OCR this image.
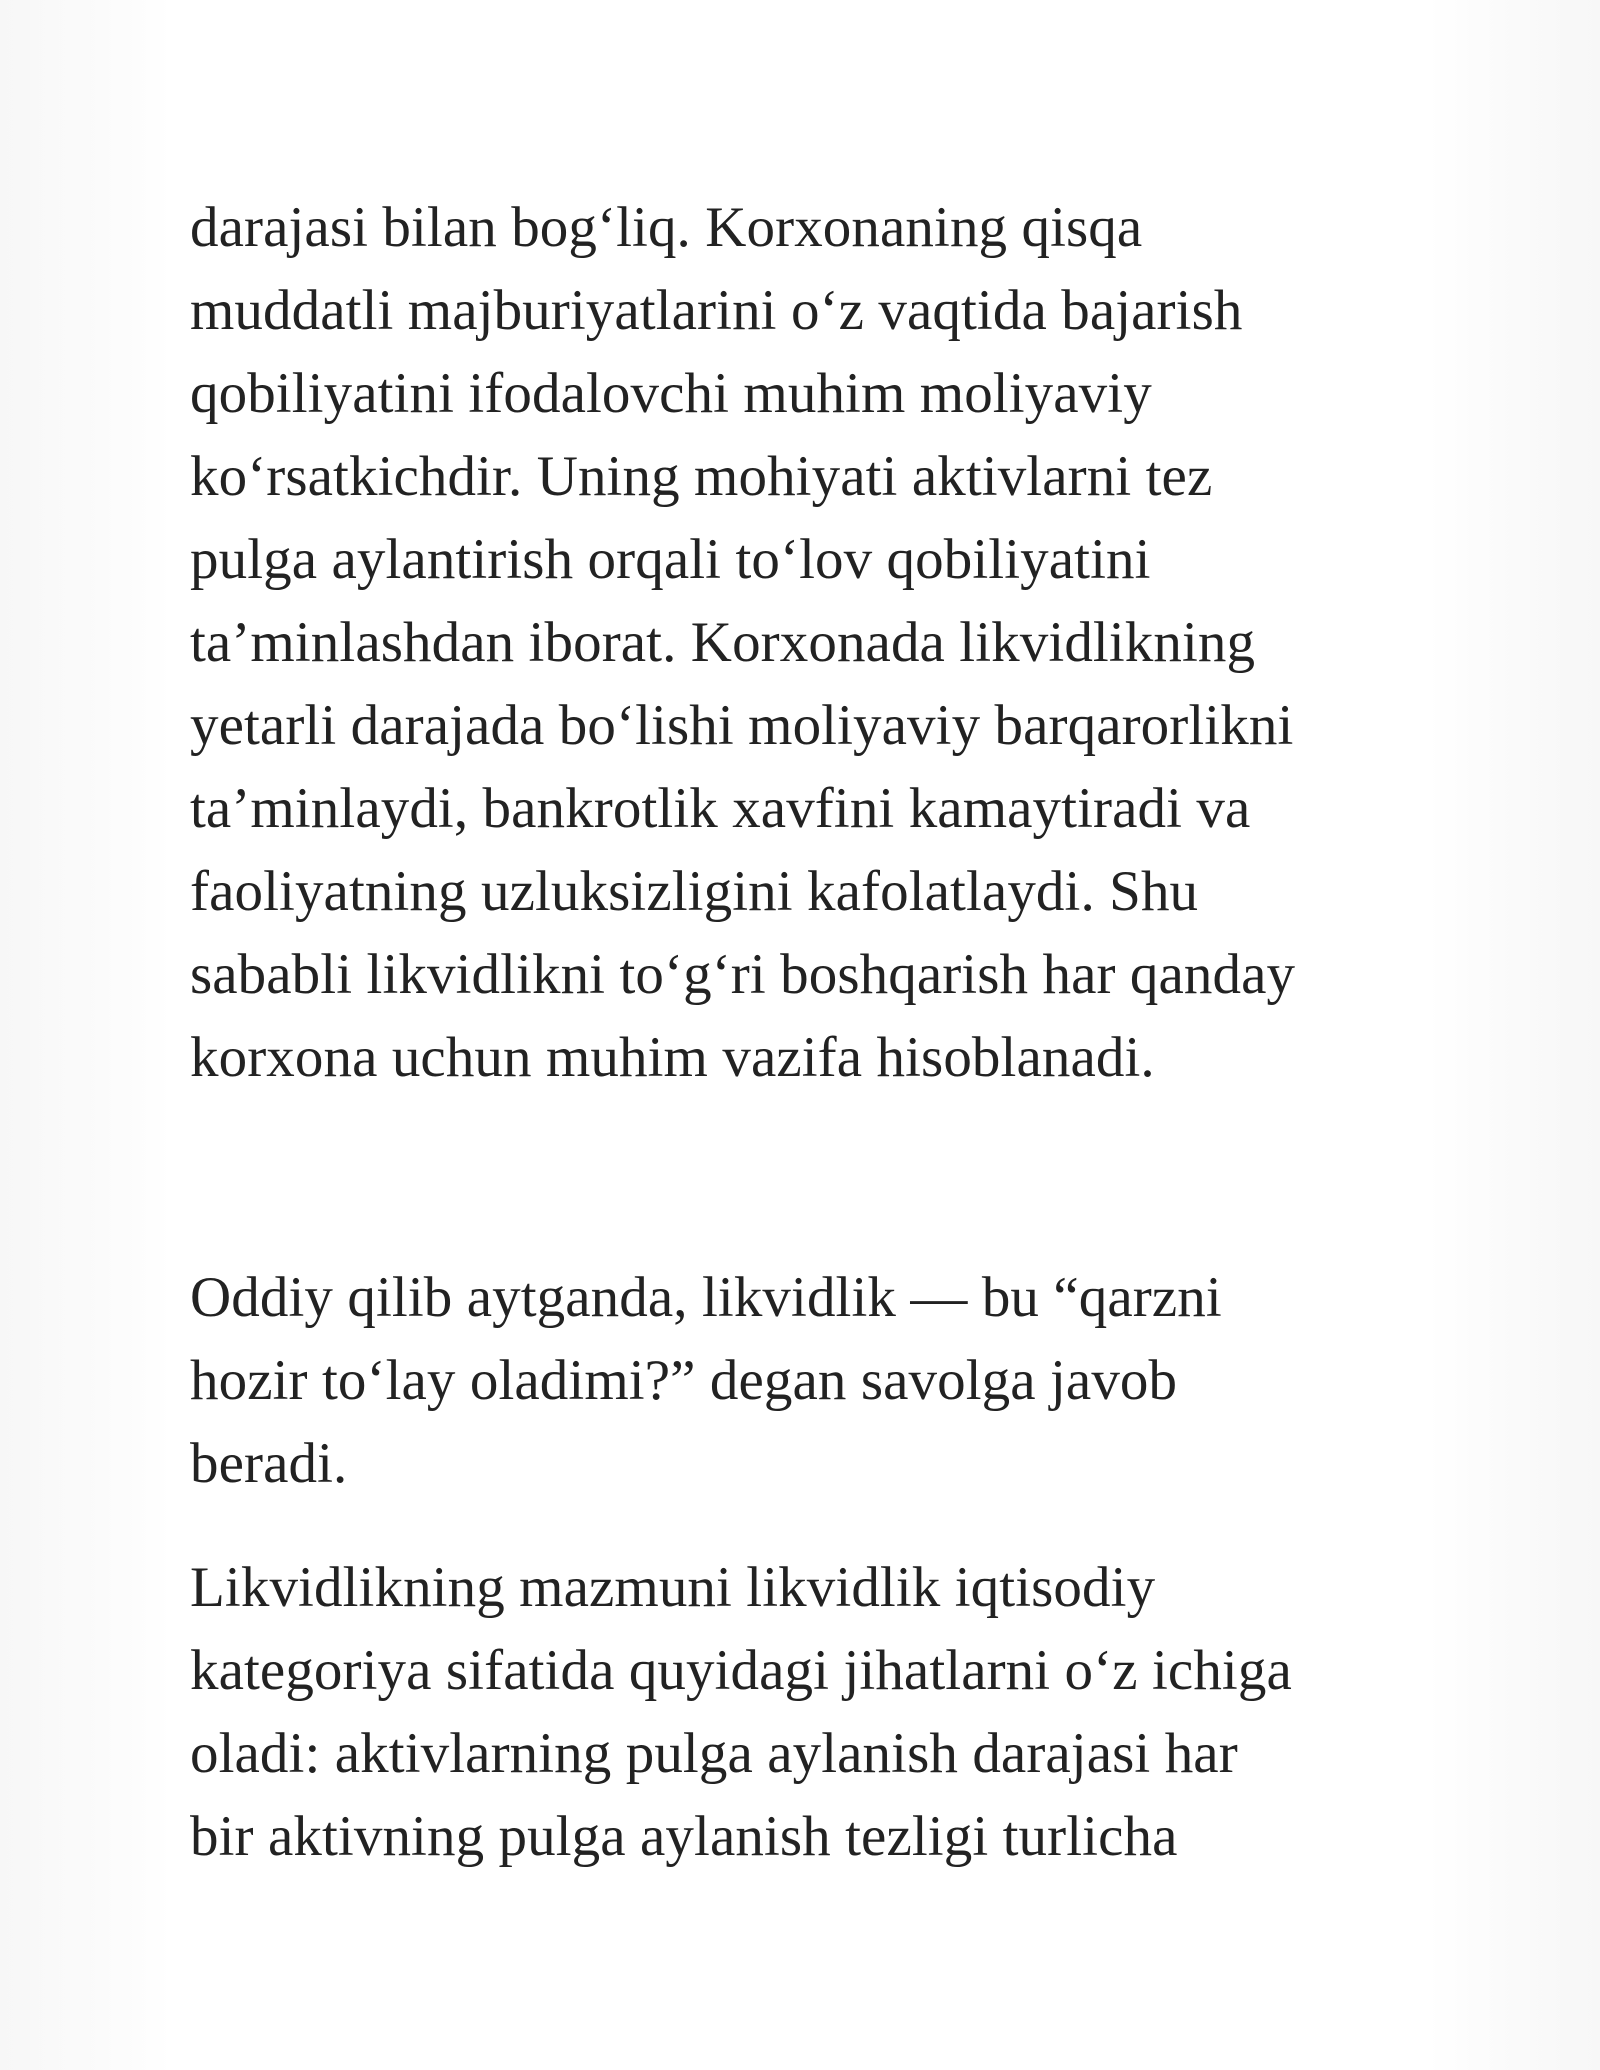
darajasi bilan bog‘liq. Korxonaning qisqa
muddatli majburiyatlarini o‘z vaqtida bajarish
qobiliyatini ifodalovchi muhim moliyaviy
ko‘rsatkichdir. Uning mohiyati aktivlarni tez
pulga aylantirish orqali to‘lov qobiliyatini
ta’minlashdan iborat. Korxonada likvidlikning
yetarli darajada bo‘lishi moliyaviy barqarorlikni
ta’minlaydi, bankrotlik xavfini kamaytiradi va
faoliyatning uzluksizligini kafolatlaydi. Shu
sababli likvidlikni to‘g‘ri boshqarish har qanday
korxona uchun muhim vazifa hisoblanadi.

Oddiy qilib aytganda, likvidlik — bu “qarzni
hozir to‘lay oladimi?” degan savolga javob
beradi.

Likvidlikning mazmuni likvidlik iqtisodiy
kategoriya sifatida quyidagi jihatlarni o‘z ichiga
oladi: aktivlarning pulga aylanish darajasi har
bir aktivning pulga aylanish tezligi turlicha
